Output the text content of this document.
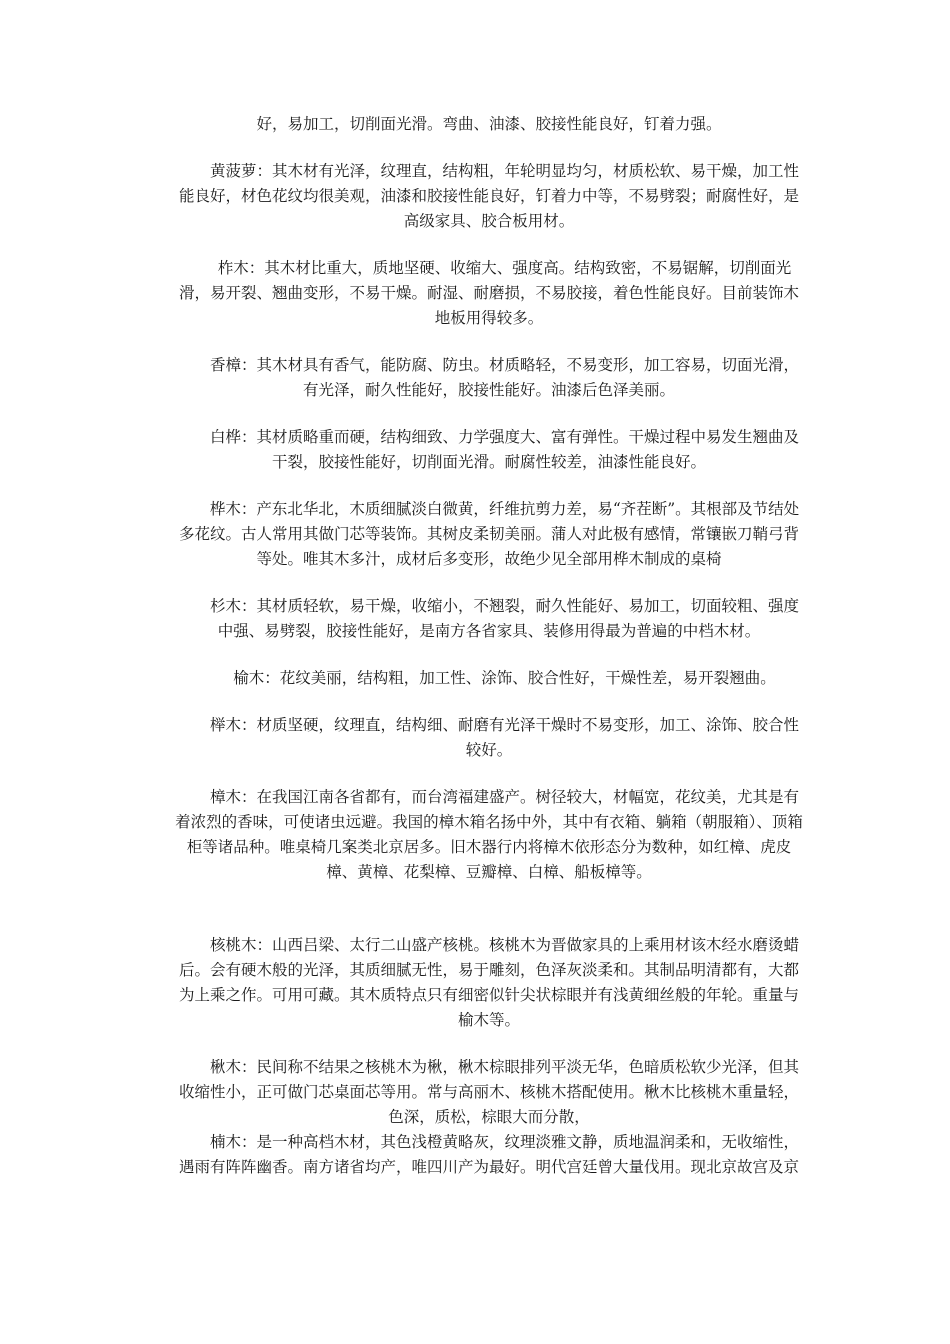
好，易加工，切削面光滑。弯曲、油漆、胶接性能良好，钉着力强。

黄菠萝：其木材有光泽，纹理直，结构粗，年轮明显均匀，材质松软、易干燥，加工性能良好，材色花纹均很美观，油漆和胶接性能良好，钉着力中等，不易劈裂；耐腐性好，是高级家具、胶合板用材。

柞木：其木材比重大，质地坚硬、收缩大、强度高。结构致密，不易锯解，切削面光滑，易开裂、翘曲变形，不易干燥。耐湿、耐磨损，不易胶接，着色性能良好。目前装饰木地板用得较多。

香樟：其木材具有香气，能防腐、防虫。材质略轻，不易变形，加工容易，切面光滑，有光泽，耐久性能好，胶接性能好。油漆后色泽美丽。

白桦：其材质略重而硬，结构细致、力学强度大、富有弹性。干燥过程中易发生翘曲及干裂，胶接性能好，切削面光滑。耐腐性较差，油漆性能良好。

桦木：产东北华北，木质细腻淡白微黄，纤维抗剪力差，易“齐茬断”。其根部及节结处多花纹。古人常用其做门芯等装饰。其树皮柔韧美丽。蒲人对此极有感情，常镶嵌刀鞘弓背等处。唯其木多汁，成材后多变形，故绝少见全部用桦木制成的桌椅

杉木：其材质轻软，易干燥，收缩小，不翘裂，耐久性能好、易加工，切面较粗、强度中强、易劈裂，胶接性能好，是南方各省家具、装修用得最为普遍的中档木材。

榆木：花纹美丽，结构粗，加工性、涂饰、胶合性好，干燥性差，易开裂翘曲。

榉木：材质坚硬，纹理直，结构细、耐磨有光泽干燥时不易变形，加工、涂饰、胶合性较好。

樟木：在我国江南各省都有，而台湾福建盛产。树径较大，材幅宽，花纹美，尤其是有着浓烈的香味，可使诸虫远避。我国的樟木箱名扬中外，其中有衣箱、躺箱（朝服箱）、顶箱柜等诸品种。唯桌椅几案类北京居多。旧木器行内将樟木依形态分为数种，如红樟、虎皮樟、黄樟、花梨樟、豆瓣樟、白樟、船板樟等。

核桃木：山西吕梁、太行二山盛产核桃。核桃木为晋做家具的上乘用材该木经水磨烫蜡后。会有硬木般的光泽，其质细腻无性，易于雕刻，色泽灰淡柔和。其制品明清都有，大都为上乘之作。可用可藏。其木质特点只有细密似针尖状棕眼并有浅黄细丝般的年轮。重量与榆木等。

楸木：民间称不结果之核桃木为楸，楸木棕眼排列平淡无华，色暗质松软少光泽，但其收缩性小，正可做门芯桌面芯等用。常与高丽木、核桃木搭配使用。楸木比核桃木重量轻，色深，质松，棕眼大而分散，

楠木：是一种高档木材，其色浅橙黄略灰，纹理淡雅文静，质地温润柔和，无收缩性，遇雨有阵阵幽香。南方诸省均产，唯四川产为最好。明代宫廷曾大量伐用。现北京故宫及京
